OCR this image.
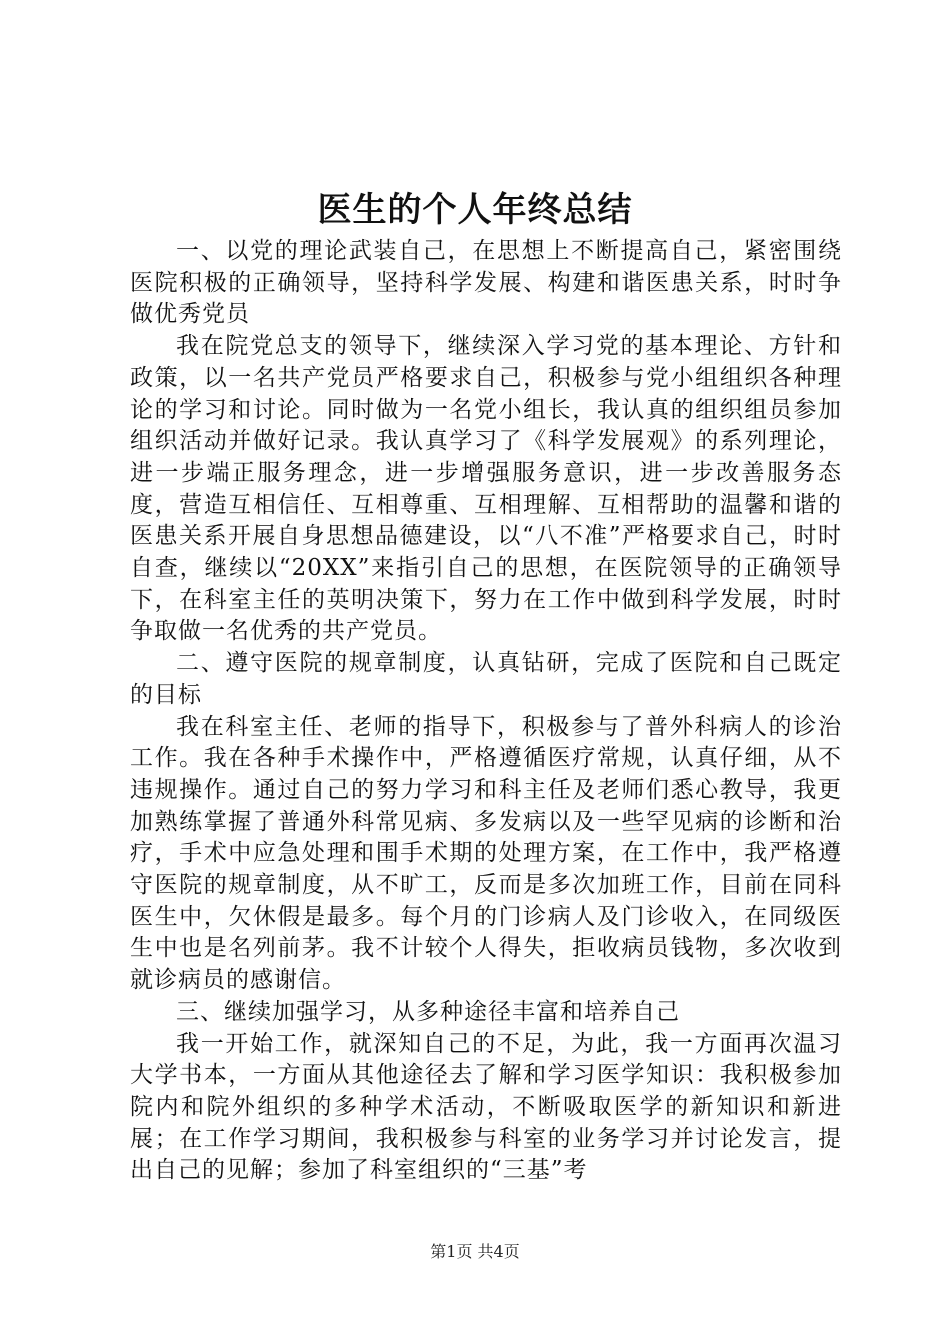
医生的个人年终总结

一、以党的理论武装自己，在思想上不断提高自己，紧密围绕医院积极的正确领导，坚持科学发展、构建和谐医患关系，时时争做优秀党员

我在院党总支的领导下，继续深入学习党的基本理论、方针和政策，以一名共产党员严格要求自己，积极参与党小组组织各种理论的学习和讨论。同时做为一名党小组长，我认真的组织组员参加组织活动并做好记录。我认真学习了《科学发展观》的系列理论，进一步端正服务理念，进一步增强服务意识，进一步改善服务态度，营造互相信任、互相尊重、互相理解、互相帮助的温馨和谐的医患关系开展自身思想品德建设，以“八不准”严格要求自己，时时自查，继续以“20XX”来指引自己的思想，在医院领导的正确领导下，在科室主任的英明决策下，努力在工作中做到科学发展，时时争取做一名优秀的共产党员。

二、遵守医院的规章制度，认真钻研，完成了医院和自己既定的目标

我在科室主任、老师的指导下，积极参与了普外科病人的诊治工作。我在各种手术操作中，严格遵循医疗常规，认真仔细，从不违规操作。通过自己的努力学习和科主任及老师们悉心教导，我更加熟练掌握了普通外科常见病、多发病以及一些罕见病的诊断和治疗，手术中应急处理和围手术期的处理方案，在工作中，我严格遵守医院的规章制度，从不旷工，反而是多次加班工作，目前在同科医生中，欠休假是最多。每个月的门诊病人及门诊收入，在同级医生中也是名列前茅。我不计较个人得失，拒收病员钱物，多次收到就诊病员的感谢信。

三、继续加强学习，从多种途径丰富和培养自己

我一开始工作，就深知自己的不足，为此，我一方面再次温习大学书本，一方面从其他途径去了解和学习医学知识：我积极参加院内和院外组织的多种学术活动，不断吸取医学的新知识和新进展；在工作学习期间，我积极参与科室的业务学习并讨论发言，提出自己的见解；参加了科室组织的“三基”考

第1页 共4页
